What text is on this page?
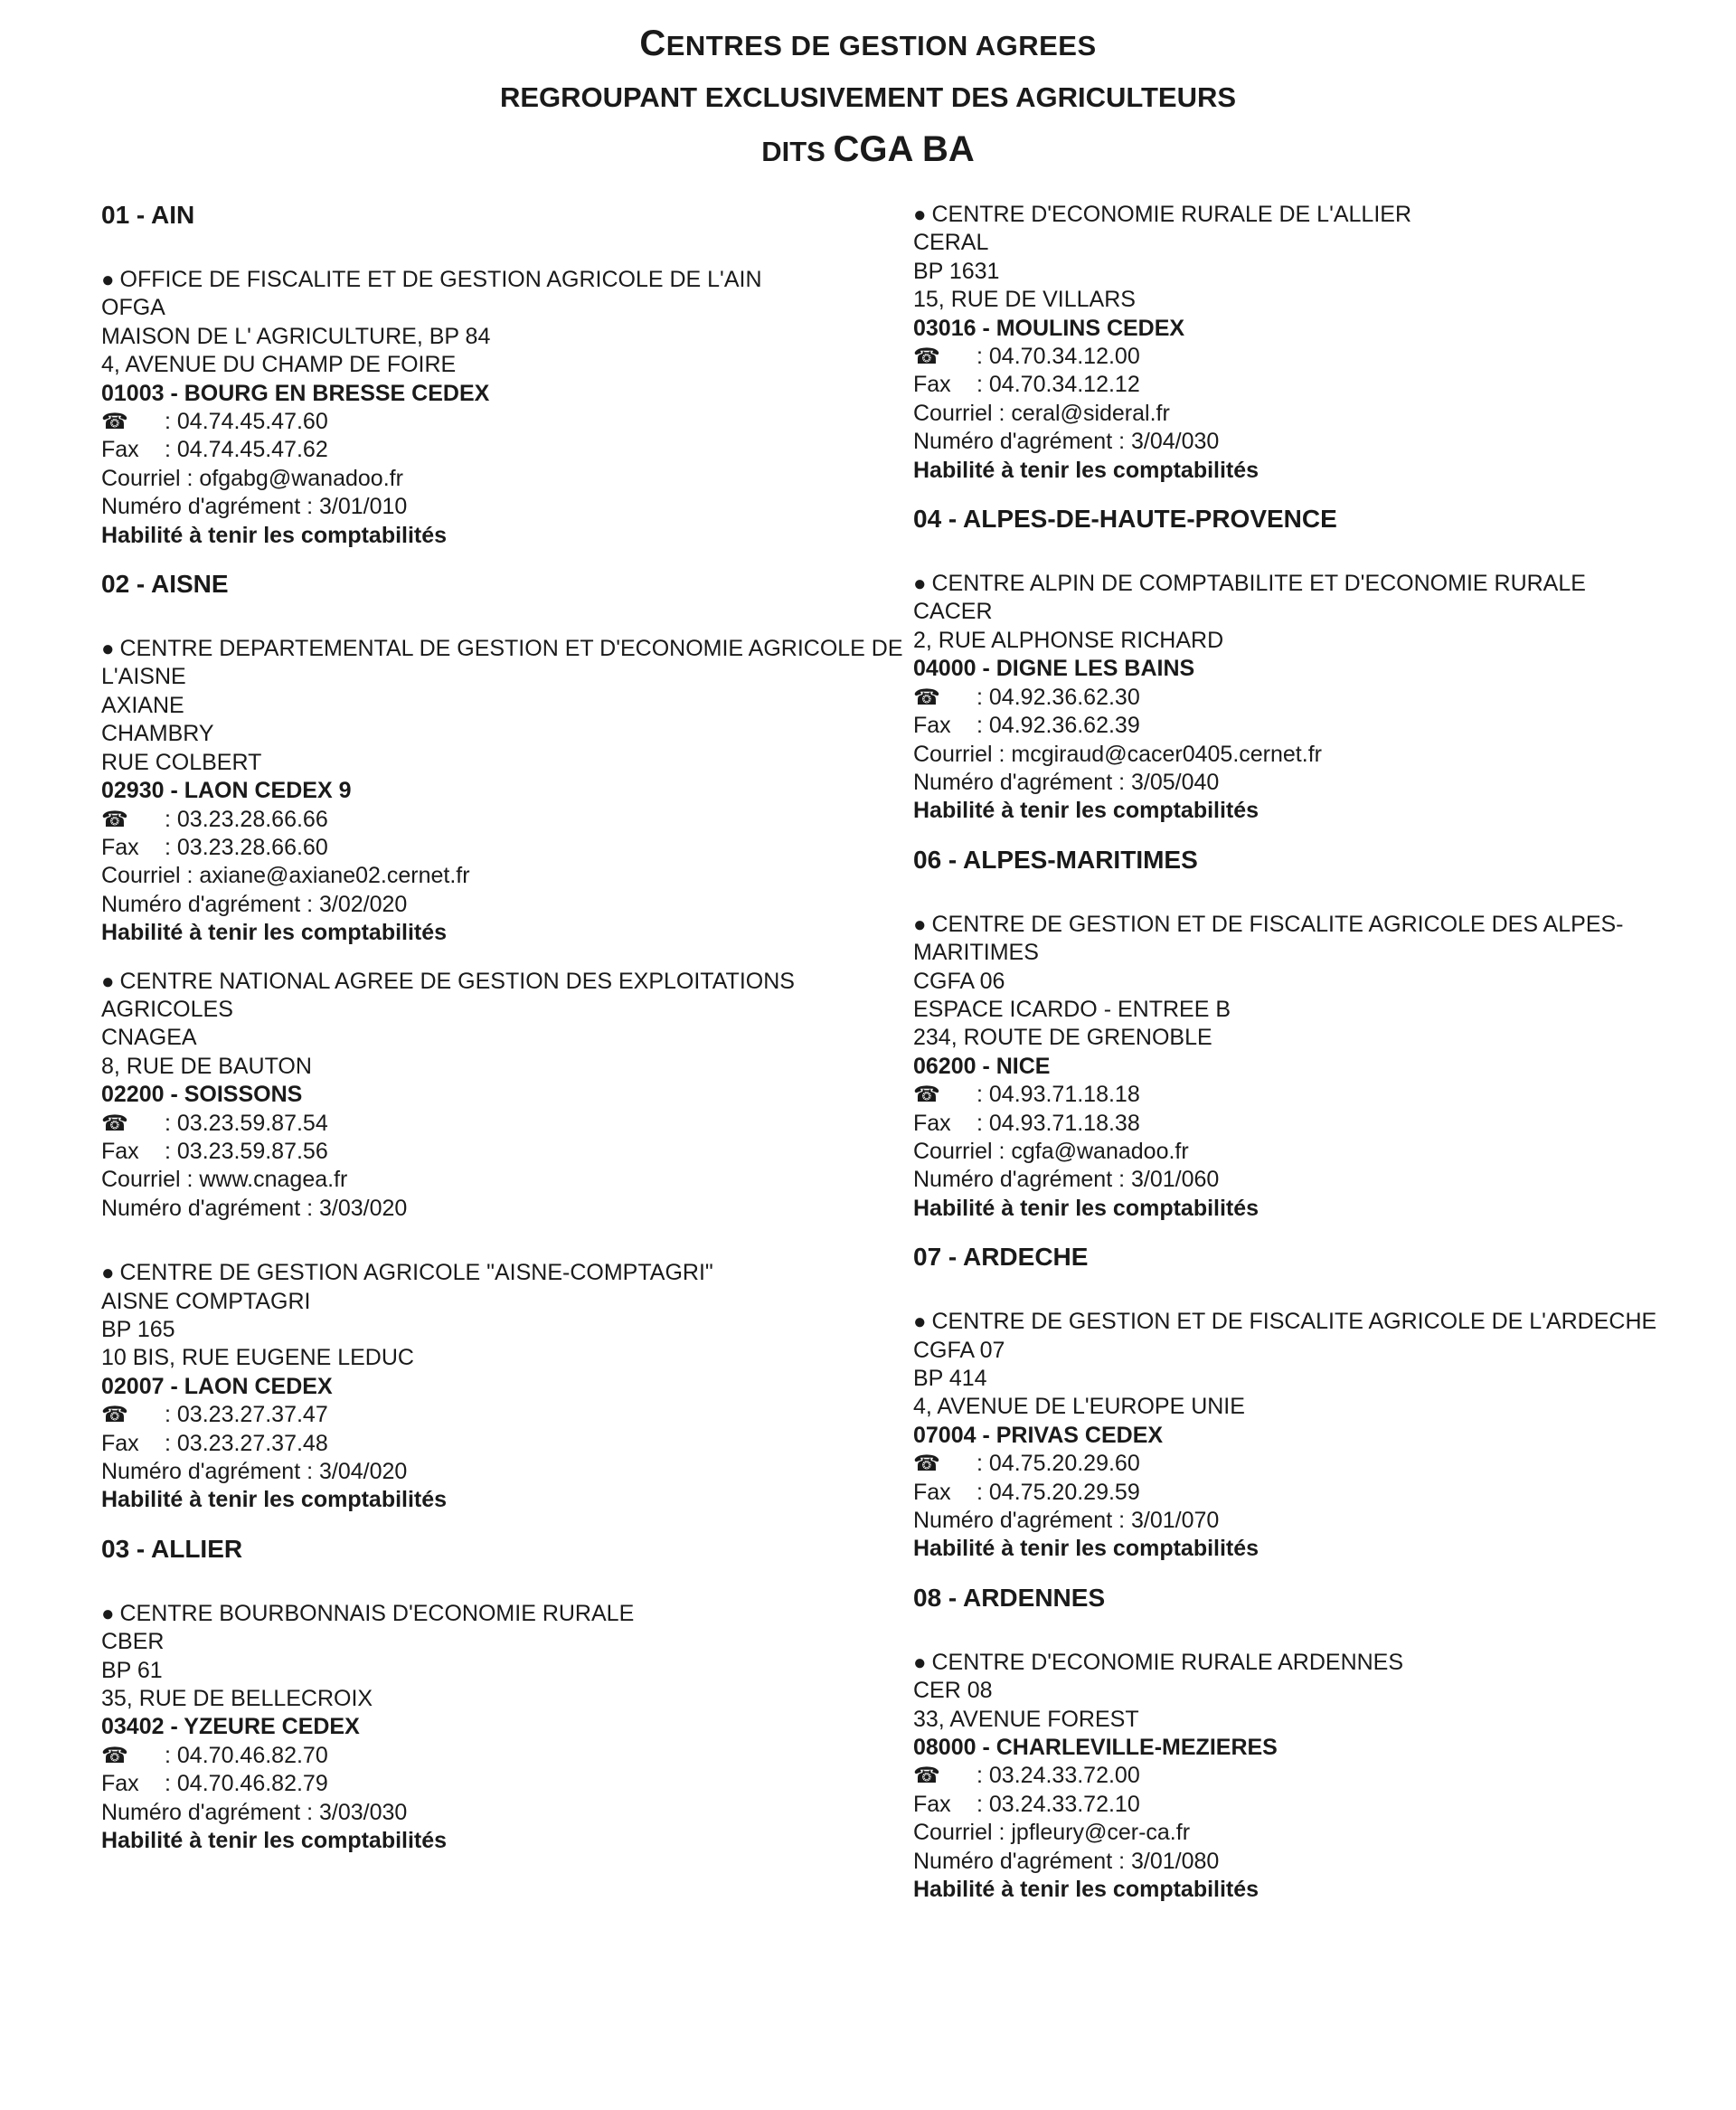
CENTRES DE GESTION AGREES
REGROUPANT EXCLUSIVEMENT DES AGRICULTEURS
DITS CGA BA
01 - AIN
● OFFICE DE FISCALITE ET DE GESTION AGRICOLE DE L'AIN
OFGA
MAISON DE L' AGRICULTURE, BP 84
4, AVENUE DU CHAMP DE FOIRE
01003 - BOURG EN BRESSE CEDEX
☎ : 04.74.45.47.60
Fax : 04.74.45.47.62
Courriel : ofgabg@wanadoo.fr
Numéro d'agrément : 3/01/010
Habilité à tenir les comptabilités
02 - AISNE
● CENTRE DEPARTEMENTAL DE GESTION ET D'ECONOMIE AGRICOLE DE L'AISNE
AXIANE
CHAMBRY
RUE COLBERT
02930 - LAON CEDEX 9
☎ : 03.23.28.66.66
Fax : 03.23.28.66.60
Courriel : axiane@axiane02.cernet.fr
Numéro d'agrément : 3/02/020
Habilité à tenir les comptabilités
● CENTRE NATIONAL AGREE DE GESTION DES EXPLOITATIONS AGRICOLES
CNAGEA
8, RUE DE BAUTON
02200 - SOISSONS
☎ : 03.23.59.87.54
Fax : 03.23.59.87.56
Courriel : www.cnagea.fr
Numéro d'agrément : 3/03/020
● CENTRE DE GESTION AGRICOLE "AISNE-COMPTAGRI"
AISNE COMPTAGRI
BP 165
10 BIS, RUE EUGENE LEDUC
02007 - LAON CEDEX
☎ : 03.23.27.37.47
Fax : 03.23.27.37.48
Numéro d'agrément : 3/04/020
Habilité à tenir les comptabilités
03 - ALLIER
● CENTRE BOURBONNAIS D'ECONOMIE RURALE
CBER
BP 61
35, RUE DE BELLECROIX
03402 - YZEURE CEDEX
☎ : 04.70.46.82.70
Fax : 04.70.46.82.79
Numéro d'agrément : 3/03/030
Habilité à tenir les comptabilités
● CENTRE D'ECONOMIE RURALE DE L'ALLIER
CERAL
BP 1631
15, RUE DE VILLARS
03016 - MOULINS CEDEX
☎ : 04.70.34.12.00
Fax : 04.70.34.12.12
Courriel : ceral@sideral.fr
Numéro d'agrément : 3/04/030
Habilité à tenir les comptabilités
04 - ALPES-DE-HAUTE-PROVENCE
● CENTRE ALPIN DE COMPTABILITE ET D'ECONOMIE RURALE
CACER
2, RUE ALPHONSE RICHARD
04000 - DIGNE LES BAINS
☎ : 04.92.36.62.30
Fax : 04.92.36.62.39
Courriel : mcgiraud@cacer0405.cernet.fr
Numéro d'agrément : 3/05/040
Habilité à tenir les comptabilités
06 - ALPES-MARITIMES
● CENTRE DE GESTION ET DE FISCALITE AGRICOLE DES ALPES-MARITIMES
CGFA 06
ESPACE ICARDO - ENTREE B
234, ROUTE DE GRENOBLE
06200 - NICE
☎ : 04.93.71.18.18
Fax : 04.93.71.18.38
Courriel : cgfa@wanadoo.fr
Numéro d'agrément : 3/01/060
Habilité à tenir les comptabilités
07 - ARDECHE
● CENTRE DE GESTION ET DE FISCALITE AGRICOLE DE L'ARDECHE
CGFA 07
BP 414
4, AVENUE DE L'EUROPE UNIE
07004 - PRIVAS CEDEX
☎ : 04.75.20.29.60
Fax : 04.75.20.29.59
Numéro d'agrément : 3/01/070
Habilité à tenir les comptabilités
08 - ARDENNES
● CENTRE D'ECONOMIE RURALE ARDENNES
CER 08
33, AVENUE FOREST
08000 - CHARLEVILLE-MEZIERES
☎ : 03.24.33.72.00
Fax : 03.24.33.72.10
Courriel : jpfleury@cer-ca.fr
Numéro d'agrément : 3/01/080
Habilité à tenir les comptabilités
